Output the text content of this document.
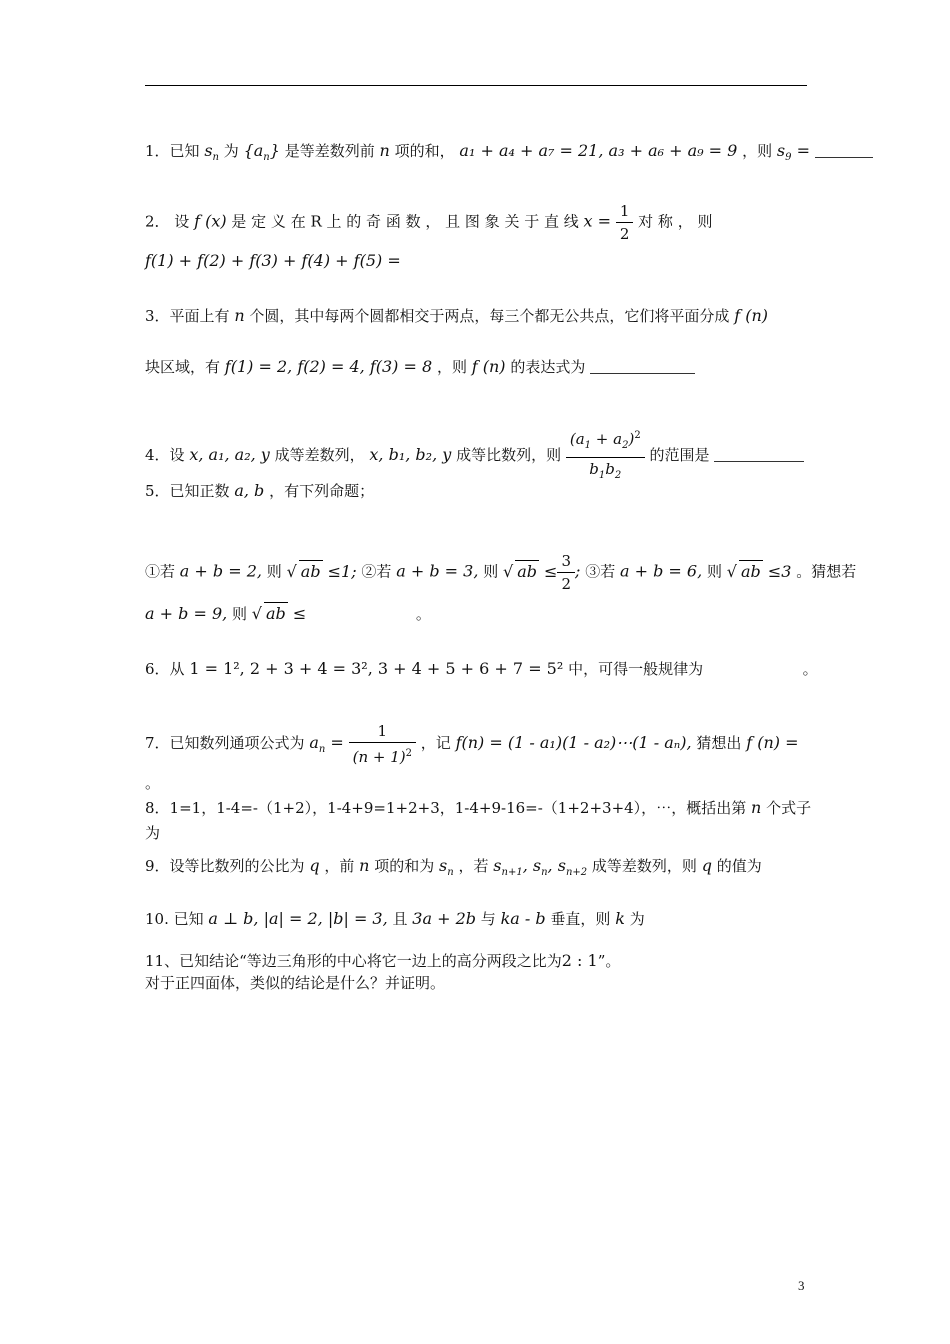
1．已知 $s_n$ 为 $\{a_n\}$ 是等差数列前 n 项的和， a₁ + a₄ + a₇ = 21, a₃ + a₆ + a₉ = 9 ，则 $s_9$ =
2． 设 f (x) 是 定 义 在 R 上 的 奇 函 数 ， 且 图 象 关 于 直 线 $x = \frac{1}{2}$ 对 称 ， 则
f(1) + f(2) + f(3) + f(4) + f(5) =
3．平面上有 n 个圆，其中每两个圆都相交于两点，每三个都无公共点，它们将平面分成 f (n)
块区域，有 f(1) = 2, f(2) = 4, f(3) = 8 ，则 f (n) 的表达式为
4．设 x, a₁, a₂, y 成等差数列， x, b₁, b₂, y 成等比数列，则 $\frac{(a_1 + a_2)^2}{b_1b_2}$ 的范围是
5．已知正数 a, b ，有下列命题；
①若 a + b = 2, 则 √ ab ≤1; ②若 a + b = 3, 则 √ ab ≤ $\frac{3}{2}$ ; ③若 a + b = 6, 则 √ ab ≤3 。猜想若
a + b = 9, 则 √ ab ≤	。
6．从 1 = 1², 2 + 3 + 4 = 3², 3 + 4 + 5 + 6 + 7 = 5² 中，可得一般规律为	。
7．已知数列通项公式为 $a_n = \frac{1}{(n + 1)^2}$ ，记 f(n) = (1 - a₁)(1 - a₂)⋯(1 - aₙ), 猜想出 f (n) =
。
8．1=1，1-4=-（1+2），1-4+9=1+2+3，1-4+9-16=-（1+2+3+4），⋯，概括出第 n 个式子
为
9．设等比数列的公比为 q ，前 n 项的和为 $s_n$ ，若 $s_{n+1}$, $s_n$, $s_{n+2}$ 成等差数列，则 q 的值为
10. 已知 a ⊥ b, |a| = 2, |b| = 3, 且 3a + 2b 与 ka - b 垂直，则 k 为
11、已知结论“等边三角形的中心将它一边上的高分两段之比为2 : 1”。
对于正四面体，类似的结论是什么？并证明。
3
